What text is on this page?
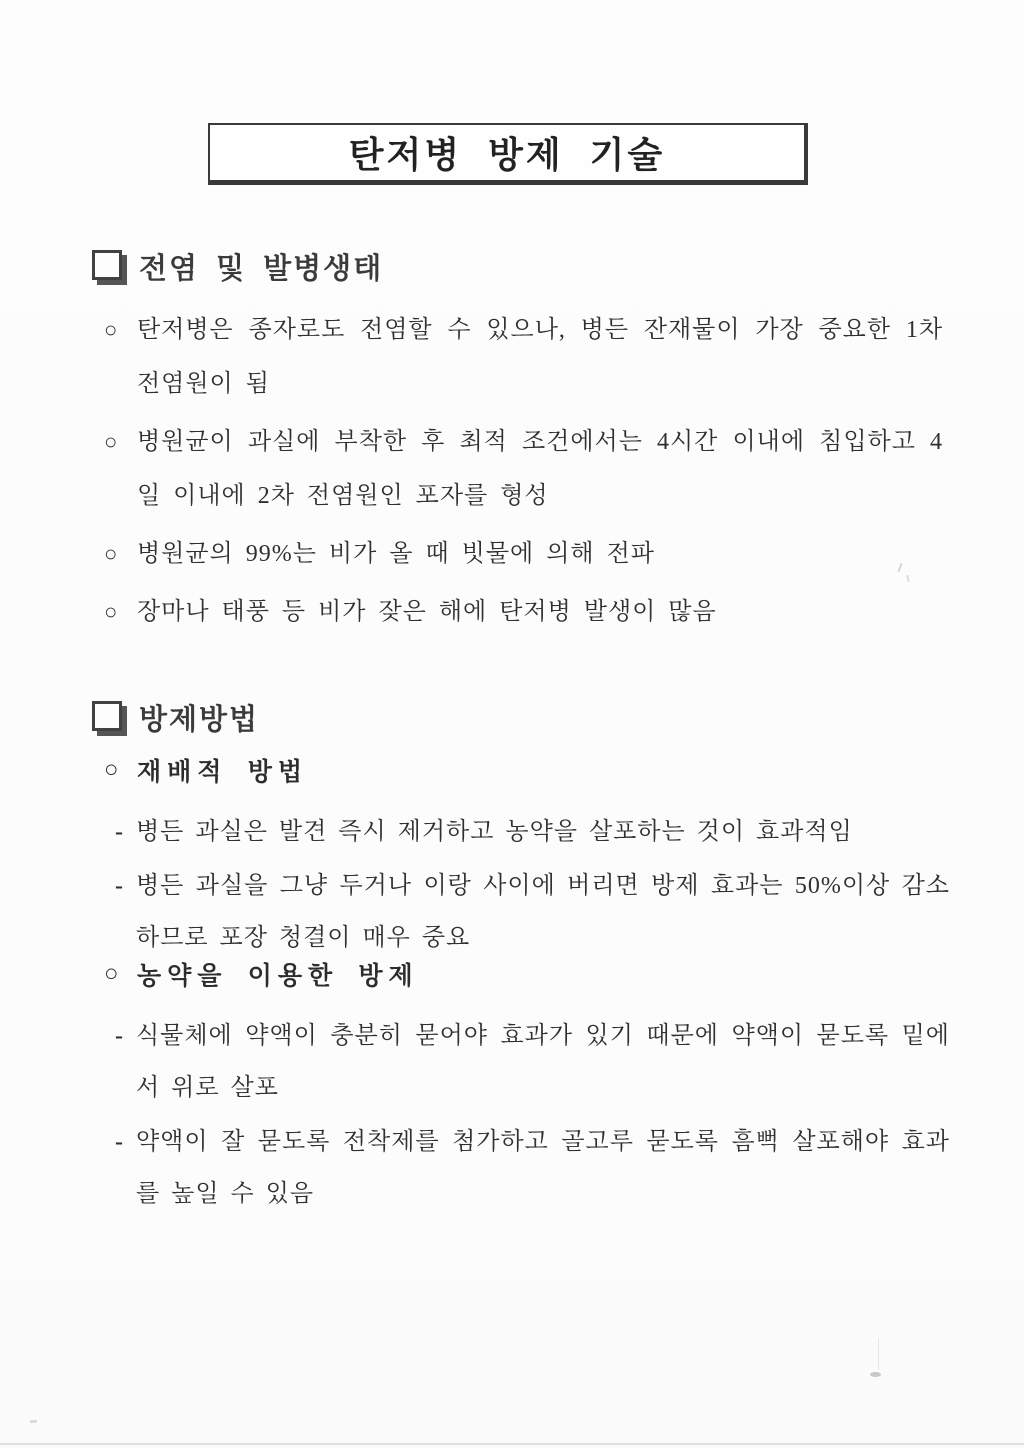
탄저병 방제 기술
전염 및 발병생태
○ 탄저병은 종자로도 전염할 수 있으나, 병든 잔재물이 가장 중요한 1차 전염원이 됨

○ 병원균이 과실에 부착한 후 최적 조건에서는 4시간 이내에 침입하고 4일 이내에 2차 전염원인 포자를 형성

○ 병원균의 99%는 비가 올 때 빗물에 의해 전파

○ 장마나 태풍 등 비가 잦은 해에 탄저병 발생이 많음

방제방법
○ 재배적 방법
- 병든 과실은 발견 즉시 제거하고 농약을 살포하는 것이 효과적임

- 병든 과실을 그냥 두거나 이랑 사이에 버리면 방제 효과는 50%이상 감소하므로 포장 청결이 매우 중요

○ 농약을 이용한 방제
- 식물체에 약액이 충분히 묻어야 효과가 있기 때문에 약액이 묻도록 밑에서 위로 살포

- 약액이 잘 묻도록 전착제를 첨가하고 골고루 묻도록 흠뻑 살포해야 효과를 높일 수 있음
